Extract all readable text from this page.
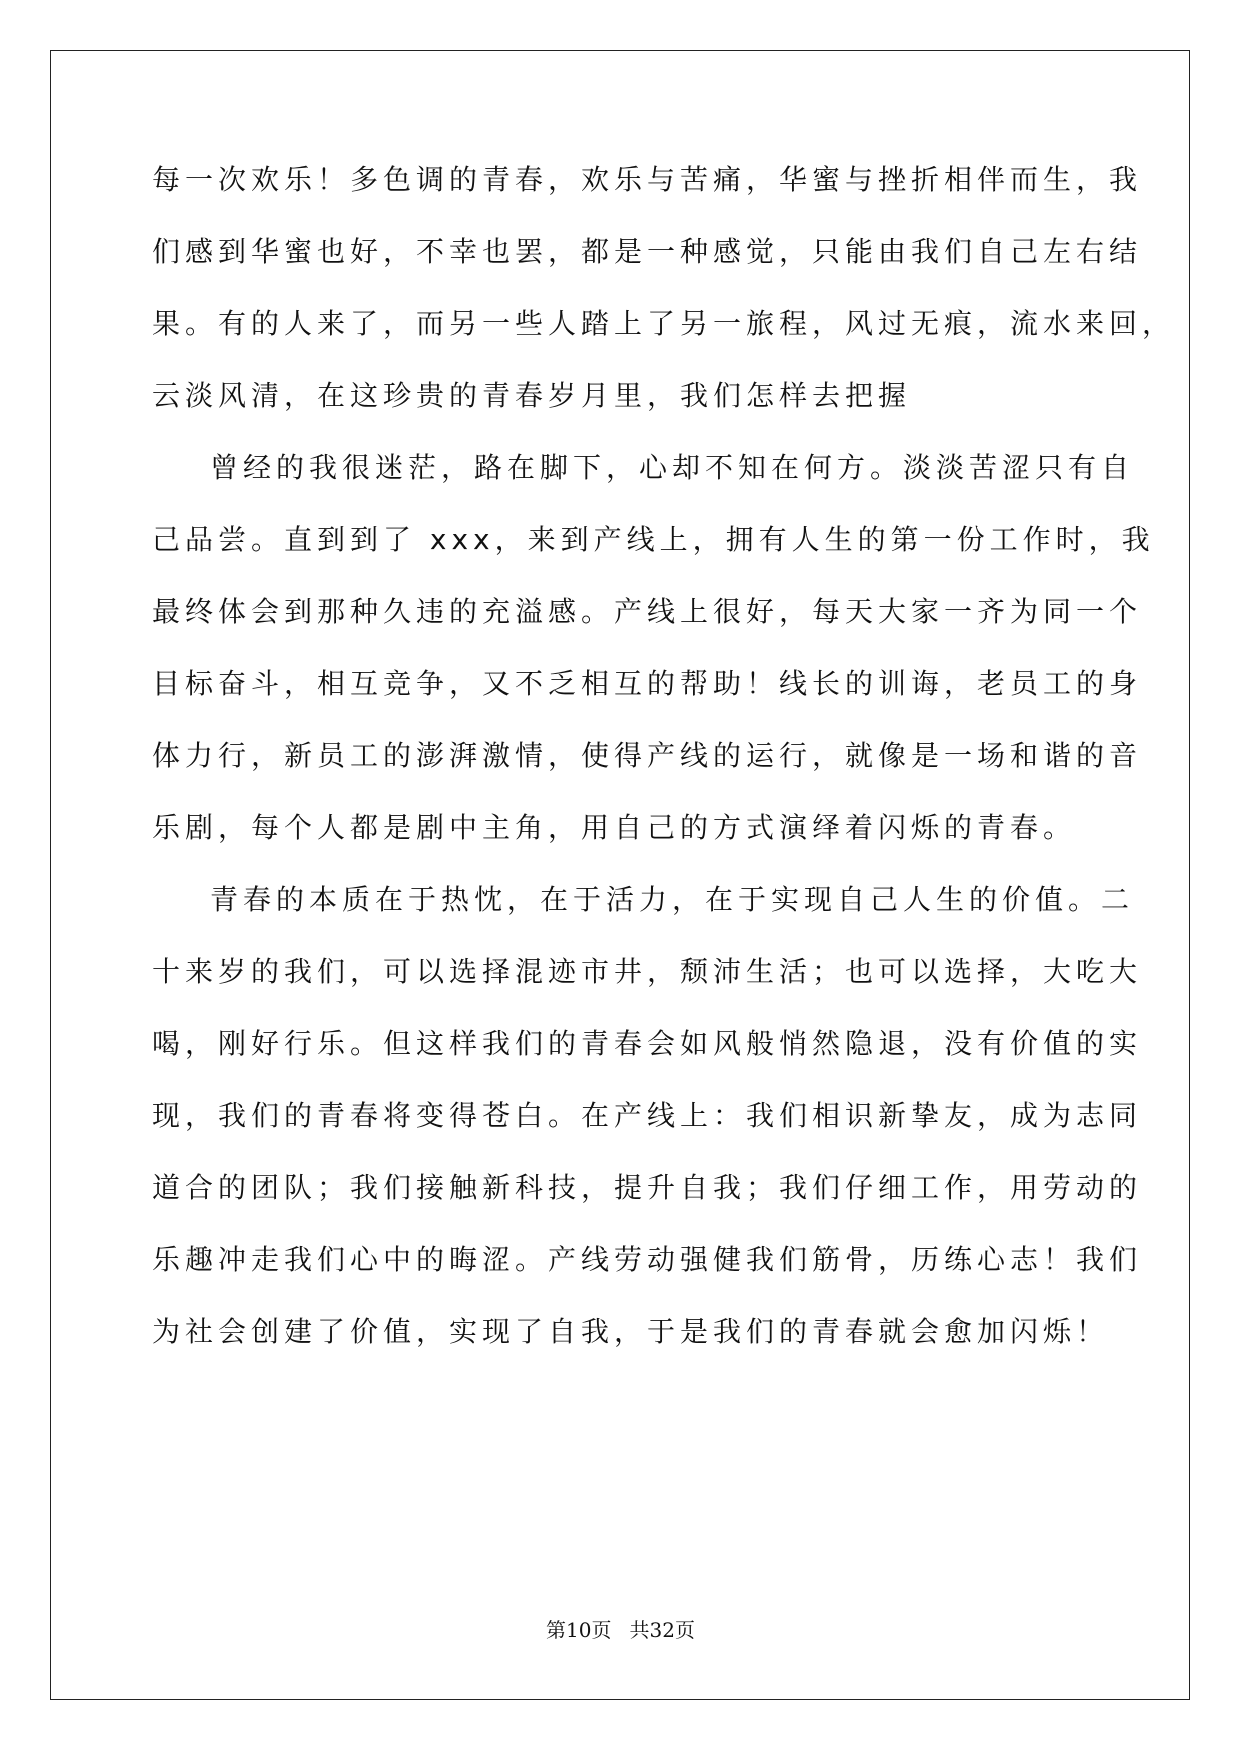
每一次欢乐！多色调的青春，欢乐与苦痛，华蜜与挫折相伴而生，我
们感到华蜜也好，不幸也罢，都是一种感觉，只能由我们自己左右结
果。有的人来了，而另一些人踏上了另一旅程，风过无痕，流水来回，
云淡风清，在这珍贵的青春岁月里，我们怎样去把握
曾经的我很迷茫，路在脚下，心却不知在何方。淡淡苦涩只有自
己品尝。直到到了 xxx，来到产线上，拥有人生的第一份工作时，我
最终体会到那种久违的充溢感。产线上很好，每天大家一齐为同一个
目标奋斗，相互竞争，又不乏相互的帮助！线长的训诲，老员工的身
体力行，新员工的澎湃激情，使得产线的运行，就像是一场和谐的音
乐剧，每个人都是剧中主角，用自己的方式演绎着闪烁的青春。
青春的本质在于热忱，在于活力，在于实现自己人生的价值。二
十来岁的我们，可以选择混迹市井，颓沛生活；也可以选择，大吃大
喝，刚好行乐。但这样我们的青春会如风般悄然隐退，没有价值的实
现，我们的青春将变得苍白。在产线上：我们相识新挚友，成为志同
道合的团队；我们接触新科技，提升自我；我们仔细工作，用劳动的
乐趣冲走我们心中的晦涩。产线劳动强健我们筋骨，历练心志！我们
为社会创建了价值，实现了自我，于是我们的青春就会愈加闪烁！
第10页 共32页
